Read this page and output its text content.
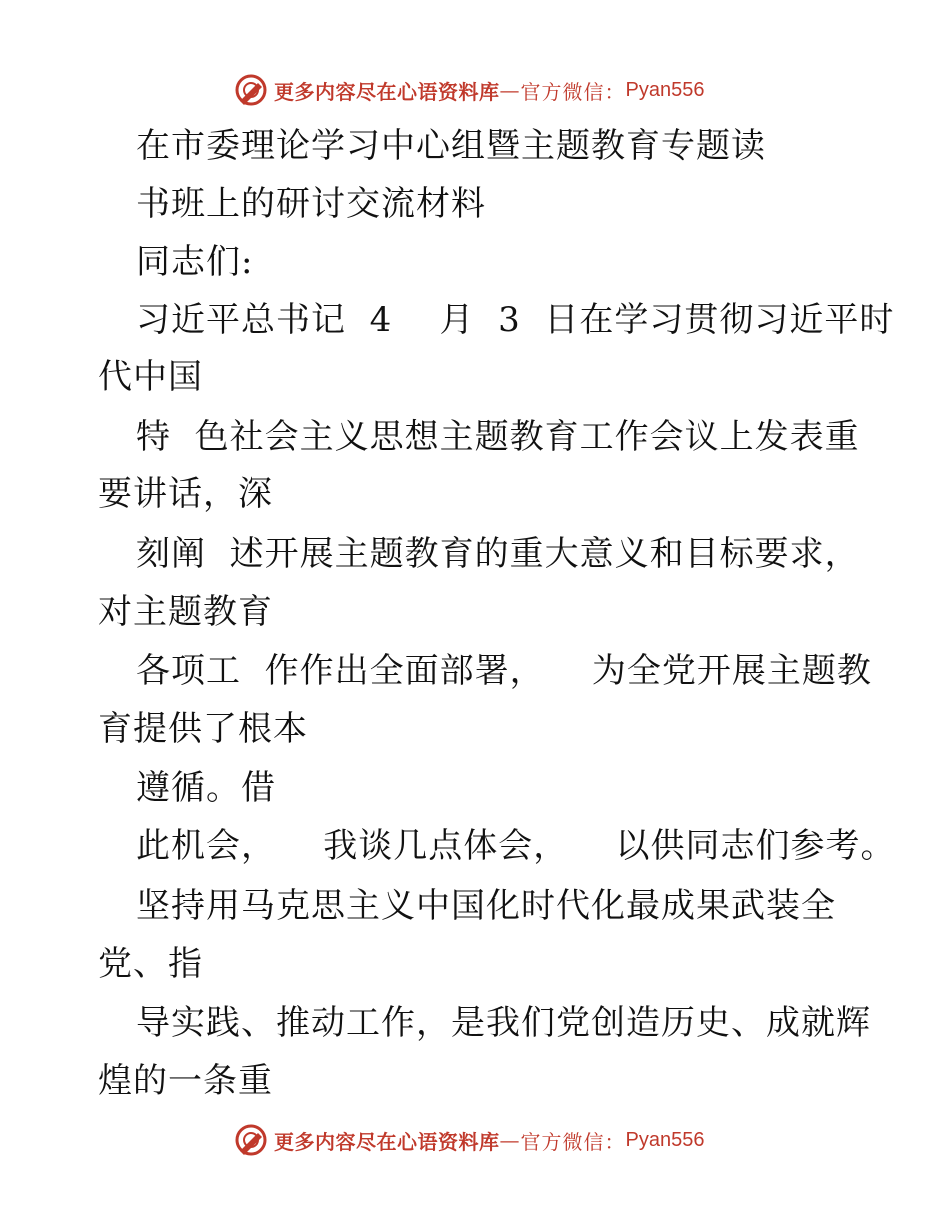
更多内容尽在心语资料库 — 官方微信： Pyan556
在市委理论学习中心组暨主题教育专题读
书班上的研讨交流材料
同志们:
习近平总书记  4    月  3  日在学习贯彻习近平时
代中国
特  色社会主义思想主题教育工作会议上发表重
要讲话，深
刻阐  述开展主题教育的重大意义和目标要求，
对主题教育
各项工  作作出全面部署，    为全党开展主题教
育提供了根本
遵循。借
此机会，    我谈几点体会，    以供同志们参考。
坚持用马克思主义中国化时代化最成果武装全
党、指
导实践、推动工作，是我们党创造历史、成就辉
煌的一条重
更多内容尽在心语资料库 — 官方微信： Pyan556
